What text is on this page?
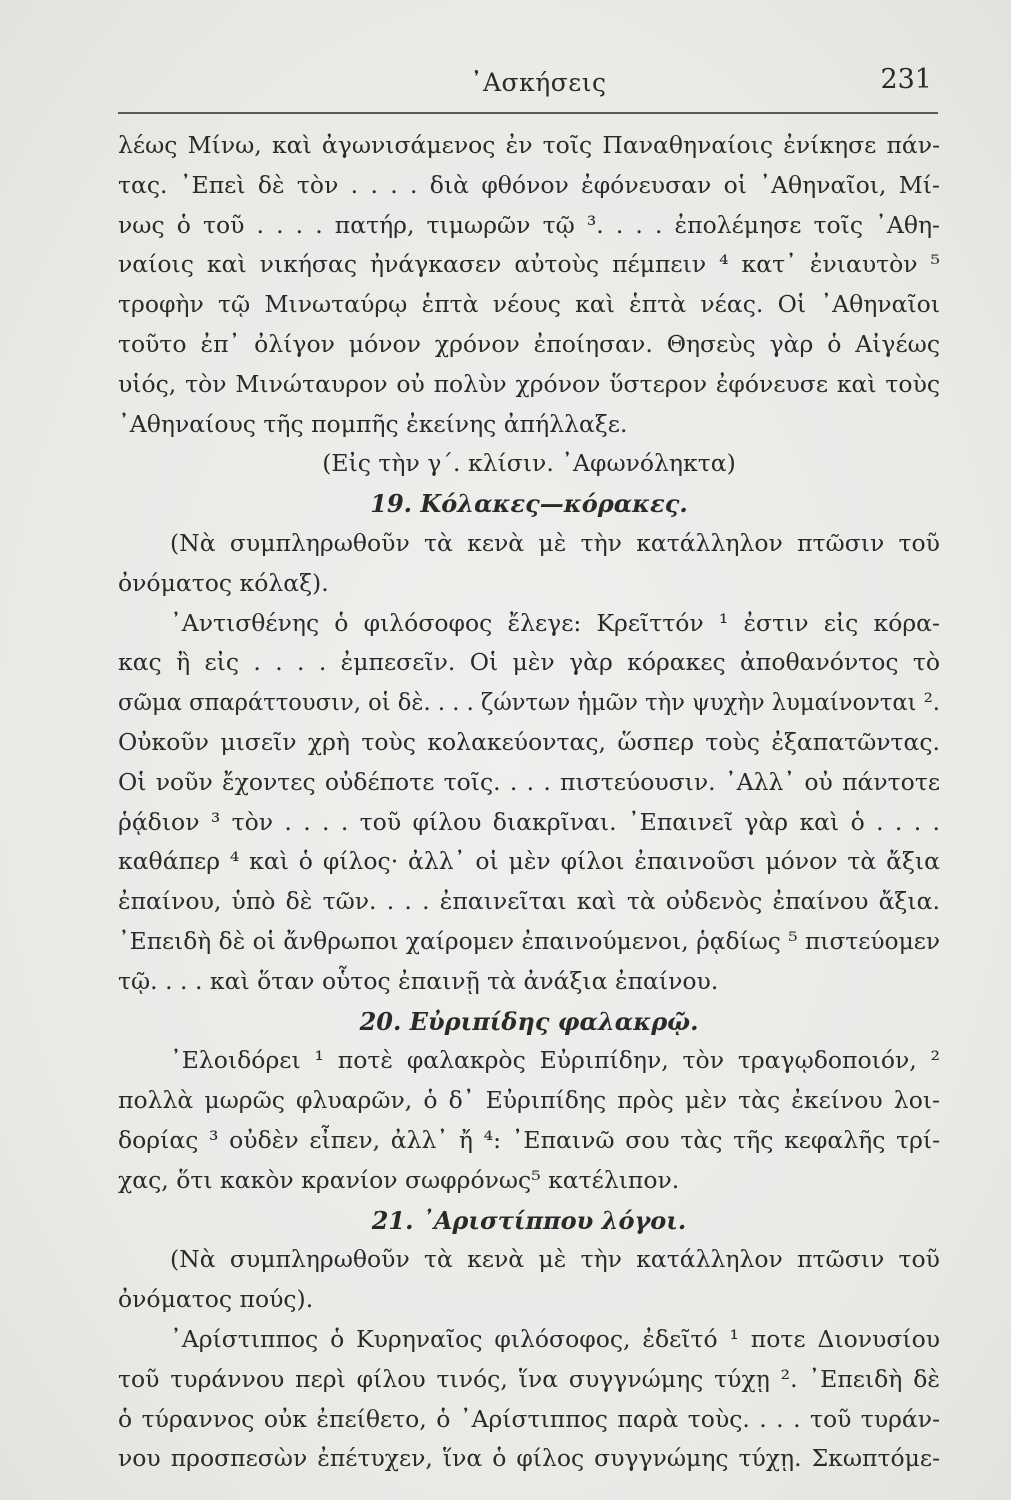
᾿Ασκήσεις	231
λέως Μίνω, καὶ ἀγωνισάμενος ἐν τοῖς Παναθηναίοις ἐνίκησε πάν-
τας. ᾿Επεὶ δὲ τὸν . . . . διὰ φθόνον ἐφόνευσαν οἱ ᾿Αθηναῖοι, Μί-
νως ὁ τοῦ . . . . πατήρ, τιμωρῶν τῷ ³. . . . ἐπολέμησε τοῖς ᾿Αθη-
ναίοις καὶ νικήσας ἠνάγκασεν αὐτοὺς πέμπειν ⁴ κατ᾿ ἐνιαυτὸν ⁵
τροφὴν τῷ Μινωταύρῳ ἑπτὰ νέους καὶ ἑπτὰ νέας. Οἱ ᾿Αθηναῖοι
τοῦτο ἐπ᾿ ὀλίγον μόνον χρόνον ἐποίησαν. Θησεὺς γὰρ ὁ Αἰγέως
υἱός, τὸν Μινώταυρον οὐ πολὺν χρόνον ὕστερον ἐφόνευσε καὶ τοὺς
᾿Αθηναίους τῆς πομπῆς ἐκείνης ἀπήλλαξε.
(Εἰς τὴν γ΄. κλίσιν. ᾿Αφωνόληκτα)
19. Κόλακες—κόρακες.
(Νὰ συμπληρωθοῦν τὰ κενὰ μὲ τὴν κατάλληλον πτῶσιν τοῦ
ὀνόματος κόλαξ).
᾿Αντισθένης ὁ φιλόσοφος ἔλεγε: Κρεῖττόν ¹ ἐστιν εἰς κόρα-
κας ἢ εἰς . . . . ἐμπεσεῖν. Οἱ μὲν γὰρ κόρακες ἀποθανόντος τὸ
σῶμα σπαράττουσιν, οἱ δὲ. . . . ζώντων ἡμῶν τὴν ψυχὴν λυμαίνονται ².
Οὐκοῦν μισεῖν χρὴ τοὺς κολακεύοντας, ὥσπερ τοὺς ἐξαπατῶντας.
Οἱ νοῦν ἔχοντες οὐδέποτε τοῖς. . . . πιστεύουσιν. ᾿Αλλ᾿ οὐ πάντοτε
ῥᾴδιον ³ τὸν . . . . τοῦ φίλου διακρῖναι. ᾿Επαινεῖ γὰρ καὶ ὁ . . . .
καθάπερ ⁴ καὶ ὁ φίλος· ἀλλ᾿ οἱ μὲν φίλοι ἐπαινοῦσι μόνον τὰ ἄξια
ἐπαίνου, ὑπὸ δὲ τῶν. . . . ἐπαινεῖται καὶ τὰ οὐδενὸς ἐπαίνου ἄξια.
᾿Επειδὴ δὲ οἱ ἄνθρωποι χαίρομεν ἐπαινούμενοι, ῥᾳδίως ⁵ πιστεύομεν
τῷ. . . . καὶ ὅταν οὗτος ἐπαινῇ τὰ ἀνάξια ἐπαίνου.
20. Εὐριπίδης φαλακρῷ.
᾿Ελοιδόρει ¹ ποτὲ φαλακρὸς Εὐριπίδην, τὸν τραγῳδοποιόν, ²
πολλὰ μωρῶς φλυαρῶν, ὁ δ᾿ Εὐριπίδης πρὸς μὲν τὰς ἐκείνου λοι-
δορίας ³ οὐδὲν εἶπεν, ἀλλ᾿ ἤ ⁴: ᾿Επαινῶ σου τὰς τῆς κεφαλῆς τρί-
χας, ὅτι κακὸν κρανίον σωφρόνως⁵ κατέλιπον.
21. ᾿Αριστίππου λόγοι.
(Νὰ συμπληρωθοῦν τὰ κενὰ μὲ τὴν κατάλληλον πτῶσιν τοῦ
ὀνόματος πούς).
᾿Αρίστιππος ὁ Κυρηναῖος φιλόσοφος, ἐδεῖτό ¹ ποτε Διονυσίου
τοῦ τυράννου περὶ φίλου τινός, ἵνα συγγνώμης τύχῃ ². ᾿Επειδὴ δὲ
ὁ τύραννος οὐκ ἐπείθετο, ὁ ᾿Αρίστιππος παρὰ τοὺς. . . . τοῦ τυράν-
νου προσπεσὼν ἐπέτυχεν, ἵνα ὁ φίλος συγγνώμης τύχῃ. Σκωπτόμε-
